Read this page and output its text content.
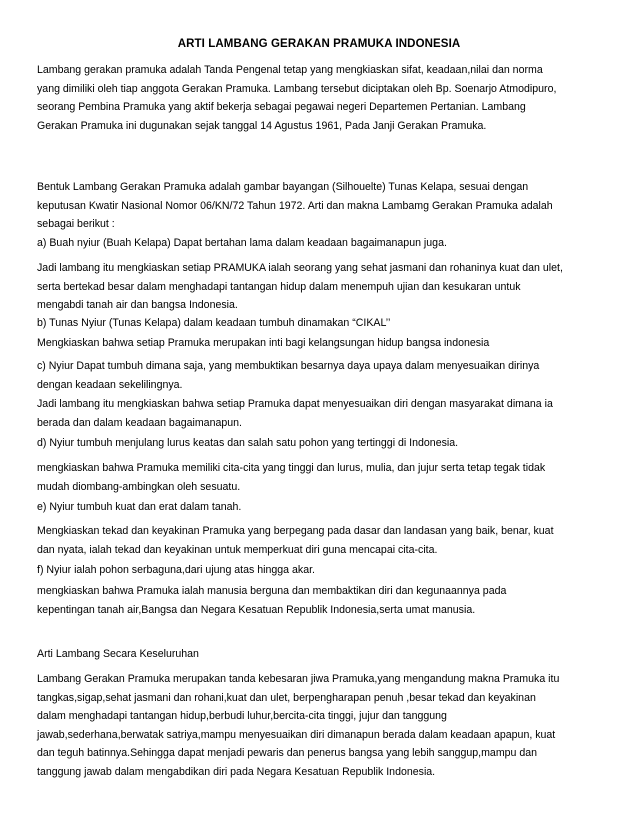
ARTI LAMBANG GERAKAN PRAMUKA INDONESIA

Lambang gerakan pramuka adalah Tanda Pengenal tetap yang mengkiaskan sifat, keadaan,nilai dan norma
yang dimiliki oleh tiap anggota Gerakan Pramuka. Lambang tersebut diciptakan oleh Bp. Soenarjo Atmodipuro,
seorang Pembina Pramuka yang aktif bekerja sebagai pegawai negeri Departemen Pertanian. Lambang
Gerakan Pramuka ini dugunakan sejak tanggal 14 Agustus 1961, Pada Janji Gerakan Pramuka.

Bentuk Lambang Gerakan Pramuka adalah gambar bayangan (Silhouelte) Tunas Kelapa, sesuai dengan
keputusan Kwatir Nasional Nomor 06/KN/72 Tahun 1972. Arti dan makna Lambamg Gerakan Pramuka adalah
sebagai berikut :

a) Buah nyiur (Buah Kelapa) Dapat bertahan lama dalam keadaan bagaimanapun juga.

Jadi lambang itu mengkiaskan setiap PRAMUKA ialah seorang yang sehat jasmani dan rohaninya kuat dan ulet,
serta bertekad besar dalam menghadapi tantangan hidup dalam menempuh ujian dan kesukaran untuk
mengabdi tanah air dan bangsa Indonesia.

b) Tunas Nyiur (Tunas Kelapa) dalam keadaan tumbuh dinamakan “CIKAL’’

Mengkiaskan bahwa setiap Pramuka merupakan inti bagi kelangsungan hidup bangsa indonesia

c) Nyiur Dapat tumbuh dimana saja, yang membuktikan besarnya daya upaya dalam menyesuaikan dirinya
dengan keadaan sekelilingnya.

Jadi lambang itu mengkiaskan bahwa setiap Pramuka dapat menyesuaikan diri dengan masyarakat dimana ia
berada dan dalam keadaan bagaimanapun.

d) Nyiur tumbuh menjulang lurus keatas dan salah satu pohon yang tertinggi di Indonesia.

mengkiaskan bahwa Pramuka memiliki cita-cita yang tinggi dan lurus, mulia, dan jujur serta tetap tegak tidak
mudah diombang-ambingkan oleh sesuatu.

e) Nyiur tumbuh kuat dan erat dalam tanah.

Mengkiaskan tekad dan keyakinan Pramuka yang berpegang pada dasar dan landasan yang baik, benar, kuat
dan nyata, ialah tekad dan keyakinan untuk memperkuat diri guna mencapai cita-cita.

f) Nyiur ialah pohon serbaguna,dari ujung atas hingga akar.

mengkiaskan bahwa Pramuka ialah manusia berguna dan membaktikan diri dan kegunaannya pada
kepentingan tanah air,Bangsa dan Negara Kesatuan Republik Indonesia,serta umat manusia.

Arti Lambang Secara Keseluruhan

Lambang Gerakan Pramuka merupakan tanda kebesaran jiwa Pramuka,yang mengandung makna Pramuka itu
tangkas,sigap,sehat jasmani dan rohani,kuat dan ulet, berpengharapan penuh ,besar tekad dan keyakinan
dalam menghadapi tantangan hidup,berbudi luhur,bercita-cita tinggi, jujur dan tanggung
jawab,sederhana,berwatak satriya,mampu menyesuaikan diri dimanapun berada dalam keadaan apapun, kuat
dan teguh batinnya.Sehingga dapat menjadi pewaris dan penerus bangsa yang lebih sanggup,mampu dan
tanggung jawab dalam mengabdikan diri pada Negara Kesatuan Republik Indonesia.
